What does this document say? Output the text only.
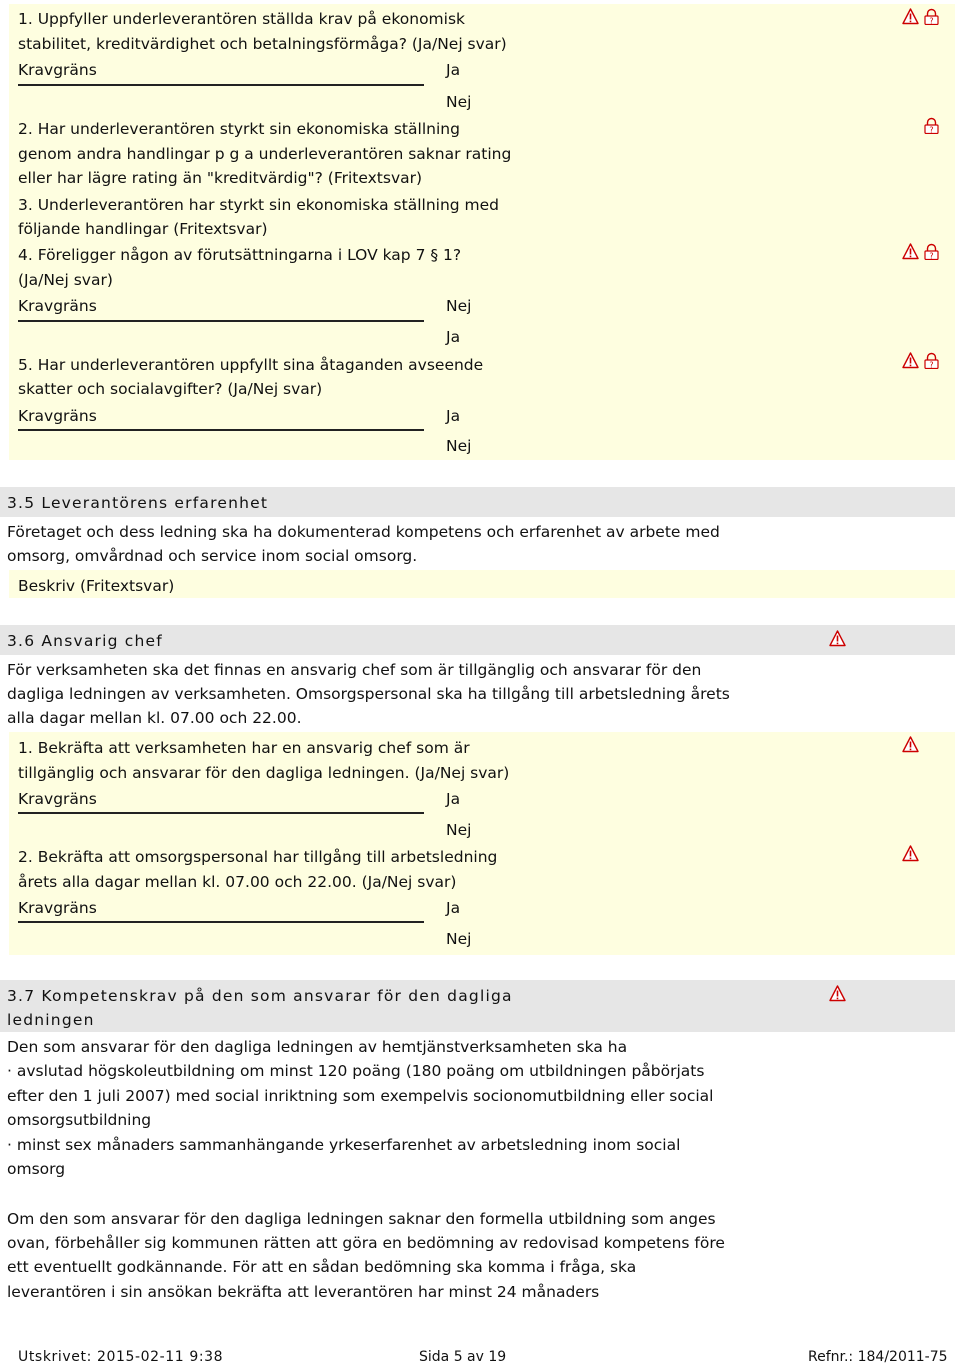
1. Uppfyller underleverantören ställda krav på ekonomisk
stabilitet, kreditvärdighet och betalningsförmåga? (Ja/Nej svar)
Kravgräns	Ja
Nej
2. Har underleverantören styrkt sin ekonomiska ställning
genom andra handlingar p g a underleverantören saknar rating
eller har lägre rating än "kreditvärdig"? (Fritextsvar)
3. Underleverantören har styrkt sin ekonomiska ställning med
följande handlingar (Fritextsvar)
4. Föreligger någon av förutsättningarna i LOV kap 7 § 1?
(Ja/Nej svar)
Kravgräns	Nej
Ja
5. Har underleverantören uppfyllt sina åtaganden avseende
skatter och socialavgifter? (Ja/Nej svar)
Kravgräns	Ja
Nej
3.5 Leverantörens erfarenhet
Företaget och dess ledning ska ha dokumenterad kompetens och erfarenhet av arbete med
omsorg, omvårdnad och service inom social omsorg.
Beskriv (Fritextsvar)
3.6 Ansvarig chef
För verksamheten ska det finnas en ansvarig chef som är tillgänglig och ansvarar för den
dagliga ledningen av verksamheten. Omsorgspersonal ska ha tillgång till arbetsledning årets
alla dagar mellan kl. 07.00 och 22.00.
1. Bekräfta att verksamheten har en ansvarig chef som är
tillgänglig och ansvarar för den dagliga ledningen. (Ja/Nej svar)
Kravgräns	Ja
Nej
2. Bekräfta att omsorgspersonal har tillgång till arbetsledning
årets alla dagar mellan kl. 07.00 och 22.00. (Ja/Nej svar)
Kravgräns	Ja
Nej
3.7 Kompetenskrav på den som ansvarar för den dagliga
ledningen
Den som ansvarar för den dagliga ledningen av hemtjänstverksamheten ska ha
· avslutad högskoleutbildning om minst 120 poäng (180 poäng om utbildningen påbörjats
efter den 1 juli 2007) med social inriktning som exempelvis socionomutbildning eller social
omsorgsutbildning
· minst sex månaders sammanhängande yrkeserfarenhet av arbetsledning inom social
omsorg
Om den som ansvarar för den dagliga ledningen saknar den formella utbildning som anges
ovan, förbehåller sig kommunen rätten att göra en bedömning av redovisad kompetens före
ett eventuellt godkännande. För att en sådan bedömning ska komma i fråga, ska
leverantören i sin ansökan bekräfta att leverantören har minst 24 månaders
Utskrivet: 2015-02-11 9:38	Sida 5 av 19	Refnr.: 184/2011-75
